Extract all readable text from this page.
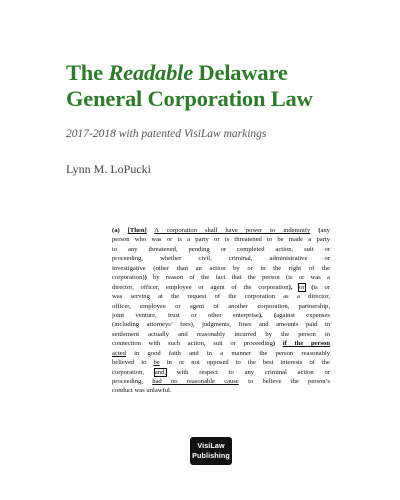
The Readable Delaware
General Corporation Law
2017-2018 with patented VisiLaw markings
Lynn M. LoPucki
(a) [Then] A corporation shall have power to indemnify (any
person who was or is a party or is threatened to be made a party
to any threatened, pending or completed action, suit or
proceeding, whether civil, criminal, administrative or
investigative (other than an action by or in the right of the
corporation)) by reason of the fact that the person (is or was a
director, officer, employee or agent of the corporation), or (is or
was serving at the request of the corporation as a director,
officer, employee or agent of another corporation, partnership,
joint venture, trust or other enterprise), (against expenses
(including attorneys’ fees), judgments, fines and amounts paid in
settlement actually and reasonably incurred by the person in
connection with such action, suit or proceeding) if the person
acted in good faith and in a manner the person reasonably
believed to be in or not opposed to the best interests of the
corporation, and, with respect to any criminal action or
proceeding, had no reasonable cause to believe the person’s
conduct was unlawful.
VisiLaw
Publishing
